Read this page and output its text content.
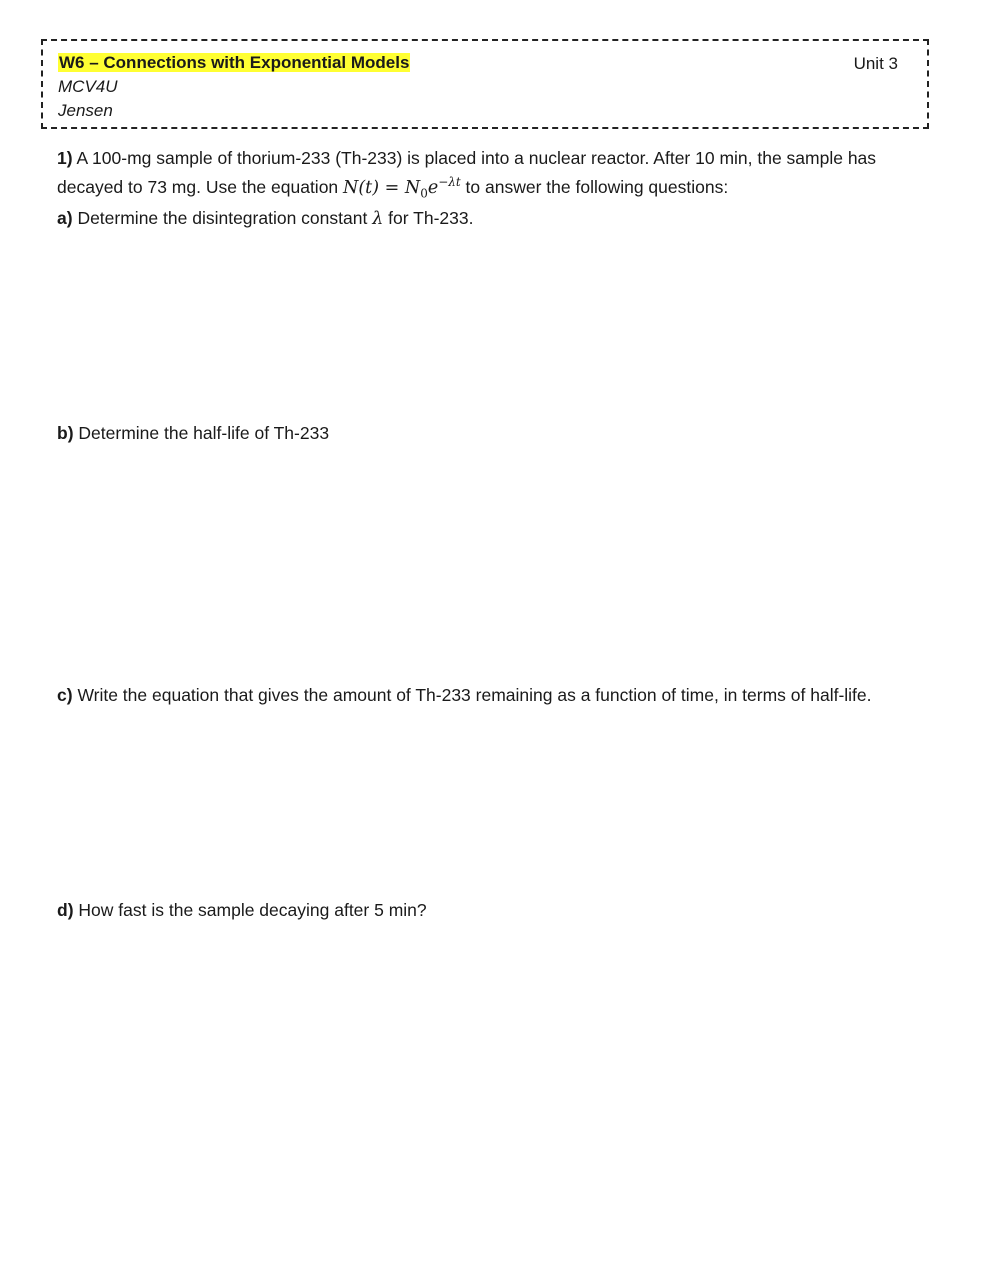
W6 – Connections with Exponential Models	Unit 3
MCV4U
Jensen
1) A 100-mg sample of thorium-233 (Th-233) is placed into a nuclear reactor. After 10 min, the sample has
decayed to 73 mg. Use the equation $N(t) = N_0e^{-\lambda t}$ to answer the following questions:
a) Determine the disintegration constant λ for Th-233.
b) Determine the half-life of Th-233
c) Write the equation that gives the amount of Th-233 remaining as a function of time, in terms of half-life.
d) How fast is the sample decaying after 5 min?
